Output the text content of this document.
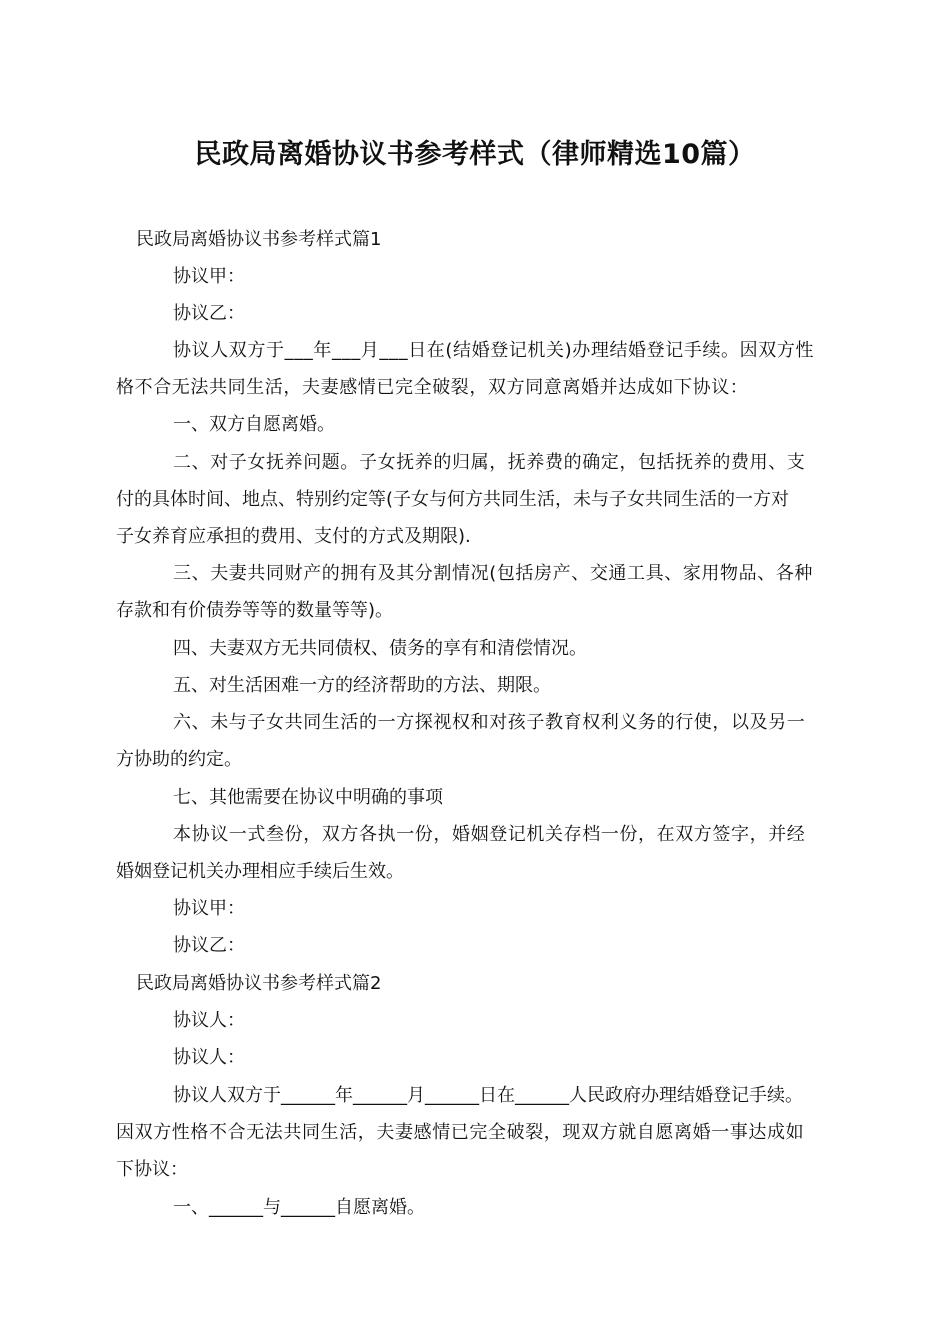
民政局离婚协议书参考样式（律师精选10篇）

民政局离婚协议书参考样式篇1

协议甲：

协议乙：

协议人双方于___年___月___日在(结婚登记机关)办理结婚登记手续。因双方性

格不合无法共同生活，夫妻感情已完全破裂，双方同意离婚并达成如下协议：

一、双方自愿离婚。

二、对子女抚养问题。子女抚养的归属，抚养费的确定，包括抚养的费用、支

付的具体时间、地点、特别约定等(子女与何方共同生活，未与子女共同生活的一方对

子女养育应承担的费用、支付的方式及期限).

三、夫妻共同财产的拥有及其分割情况(包括房产、交通工具、家用物品、各种

存款和有价债券等等的数量等等)。

四、夫妻双方无共同债权、债务的享有和清偿情况。

五、对生活困难一方的经济帮助的方法、期限。

六、未与子女共同生活的一方探视权和对孩子教育权利义务的行使，以及另一

方协助的约定。

七、其他需要在协议中明确的事项

本协议一式叁份，双方各执一份，婚姻登记机关存档一份，在双方签字，并经

婚姻登记机关办理相应手续后生效。

协议甲：

协议乙：

民政局离婚协议书参考样式篇2

协议人：

协议人：

协议人双方于______年______月______日在______人民政府办理结婚登记手续。

因双方性格不合无法共同生活，夫妻感情已完全破裂，现双方就自愿离婚一事达成如

下协议：

一、______与______自愿离婚。
